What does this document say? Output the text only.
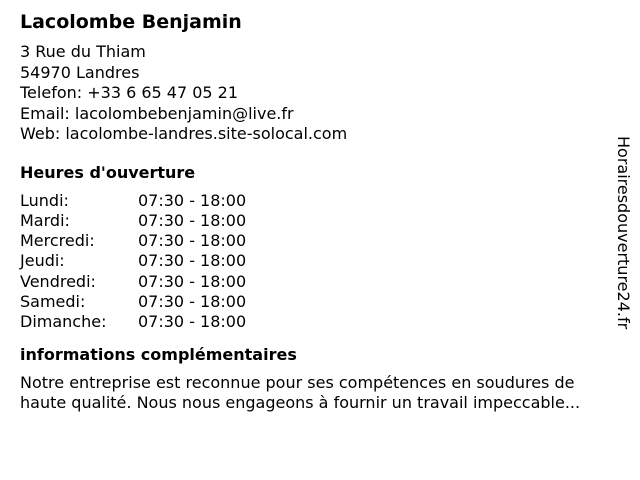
Lacolombe Benjamin
3 Rue du Thiam
54970 Landres
Telefon: +33 6 65 47 05 21
Email: lacolombebenjamin@live.fr
Web: lacolombe-landres.site-solocal.com
Heures d'ouverture
Lundi:	07:30 - 18:00
Mardi:	07:30 - 18:00
Mercredi:	07:30 - 18:00
Jeudi:	07:30 - 18:00
Vendredi:	07:30 - 18:00
Samedi:	07:30 - 18:00
Dimanche:	07:30 - 18:00
informations complémentaires
Notre entreprise est reconnue pour ses compétences en soudures de haute qualité. Nous nous engageons à fournir un travail impeccable...
Horairesdouverture24.fr
